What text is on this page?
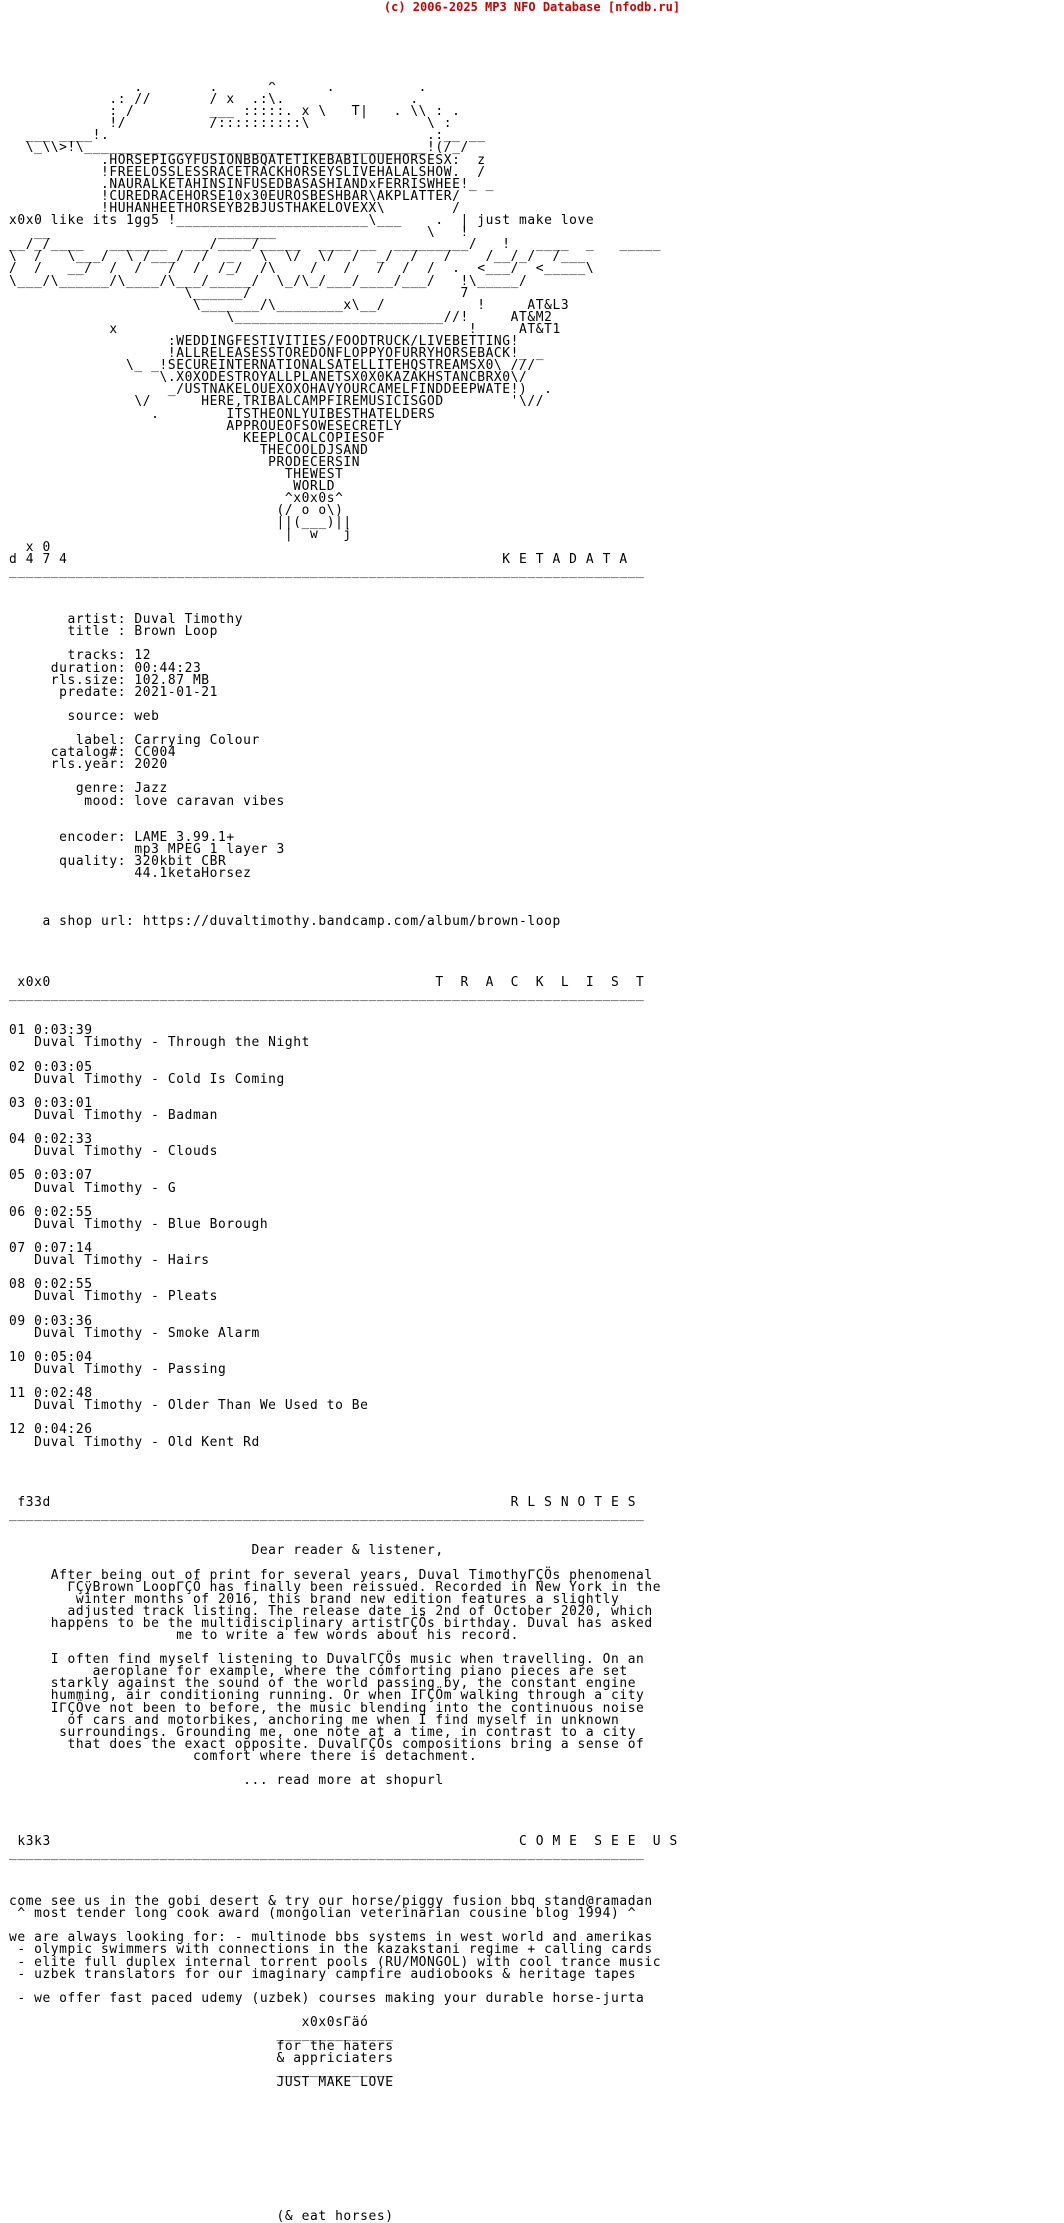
(c) 2006-2025 MP3 NFO Database [nfodb.ru]
.        .      ^      .          .
.: //       / x  .:\.        _      .
: /         ___ :::::. x \   T|   . \\ : .
!/          /::::::::::\              \ :
___ ____!.                                      .:__ __
\_\\>!\_________________________________________!(/_/
.HORSEPIGGYFUSIONBBQATETIKEBABILOUEHORSESX:  z
!FREELOSSLESSRACETRACKHORSEYSLIVEHALALSHOW.  /
.NAURALKETAHINSINFUSEDBASASHIANDxFERRISWHEE!_ _
!CUREDRACEHORSE10x30EUROSBESHBAR\AKPLATTER/
!HUHANHEETHORSEYB2BJUSTHAKELOVEXX\        /
x0x0 like its 1gg5 !_______________________\___    .  | just make love
__                    _______                  \   !
__/_/____   _______  ___/____/_____  ____ __  _________/   !   ____  _   _____
\  /   \___/  \ /___/  /  _   \  \/  \/  /  _/  /   /    /__/_/  /___
/  /   __/  /  /   /  /  /_/  /\    /   /   /  /  /  .  <___/  <_____\
\___/\______/\____/\___/_____/  \_/\_/___/____/___/   !\_____/
\______/                         7
\_______/\________x\__/           !     AT&L3
\_________________________//!     AT&M2
x                                          !     AT&T1
:WEDDINGFESTIVITIES/FOODTRUCK/LIVEBETTING!
!ALLRELEASESSTOREDONFLOPPYOFURRYHORSEBACK!_ _
\_ _!SECUREINTERNATIONALSATELLITEHQSTREAMSX0\ ///
\.X0XODESTROYALLPLANETSX0X0KAZAKHSTANCBRX0\/
_/USTNAKELOUEXOXOHAVYOURCAMELFINDDEEPWATE!)  .
\/      HERE,TRIBALCAMPFIREMUSICISGOD        '\//
.        ITSTHEONLYUIBESTHATELDERS
APPROUEOFSOWESECRETLY
KEEPLOCALCOPIESOF
THECOOLDJSAND
PRODECERSIN
THEWEST
WORLD
^x0x0s^
(/ o o\)
||(___)||
|  w   j
x 0
d 4 7 4                                                    K E T A D A T A
____________________________________________________________________________

artist: Duval Timothy
title : Brown Loop

tracks: 12
duration: 00:44:23
rls.size: 102.87 MB
predate: 2021-01-21

source: web

label: Carrying Colour
catalog#: CC004
rls.year: 2020

genre: Jazz
mood: love caravan vibes

encoder: LAME 3.99.1+
mp3 MPEG 1 layer 3
quality: 320kbit CBR
44.1ketaHorsez

a shop url: https://duvaltimothy.bandcamp.com/album/brown-loop

x0x0                                              T  R  A  C  K  L  I  S  T
____________________________________________________________________________

01 0:03:39
Duval Timothy - Through the Night

02 0:03:05
Duval Timothy - Cold Is Coming

03 0:03:01
Duval Timothy - Badman

04 0:02:33
Duval Timothy - Clouds

05 0:03:07
Duval Timothy - G

06 0:02:55
Duval Timothy - Blue Borough

07 0:07:14
Duval Timothy - Hairs

08 0:02:55
Duval Timothy - Pleats

09 0:03:36
Duval Timothy - Smoke Alarm

10 0:05:04
Duval Timothy - Passing

11 0:02:48
Duval Timothy - Older Than We Used to Be

12 0:04:26
Duval Timothy - Old Kent Rd

f33d                                                       R L S N O T E S
____________________________________________________________________________

Dear reader & listener,

After being out of print for several years, Duval TimothyΓÇÖs phenomenal
ΓÇÿBrown LoopΓÇÖ has finally been reissued. Recorded in New York in the
winter months of 2016, this brand new edition features a slightly
adjusted track listing. The release date is 2nd of October 2020, which
happens to be the multidisciplinary artistΓÇÖs birthday. Duval has asked
me to write a few words about his record.

I often find myself listening to DuvalΓÇÖs music when travelling. On an
aeroplane for example, where the comforting piano pieces are set
starkly against the sound of the world passing by, the constant engine
humming, air conditioning running. Or when IΓÇÖm walking through a city
IΓÇÖve not been to before, the music blending into the continuous noise
of cars and motorbikes, anchoring me when I find myself in unknown
surroundings. Grounding me, one note at a time, in contrast to a city
that does the exact opposite. DuvalΓÇÖs compositions bring a sense of
comfort where there is detachment.

... read more at shopurl

k3k3                                                        C O M E  S E E  U S
____________________________________________________________________________

come see us in the gobi desert & try our horse/piggy fusion bbq stand@ramadan
^ most tender long cook award (mongolian veterinarian cousine blog 1994) ^

we are always looking for: - multinode bbs systems in west world and amerikas
- olympic swimmers with connections in the kazakstani regime + calling cards
- elite full duplex internal torrent pools (RU/MONGOL) with cool trance music
- uzbek translators for our imaginary campfire audiobooks & heritage tapes

- we offer fast paced udemy (uzbek) courses making your durable horse-jurta

x0x0sΓäó
______________
for the haters
& appriciaters
______________
JUST MAKE LOVE

(& eat horses)
